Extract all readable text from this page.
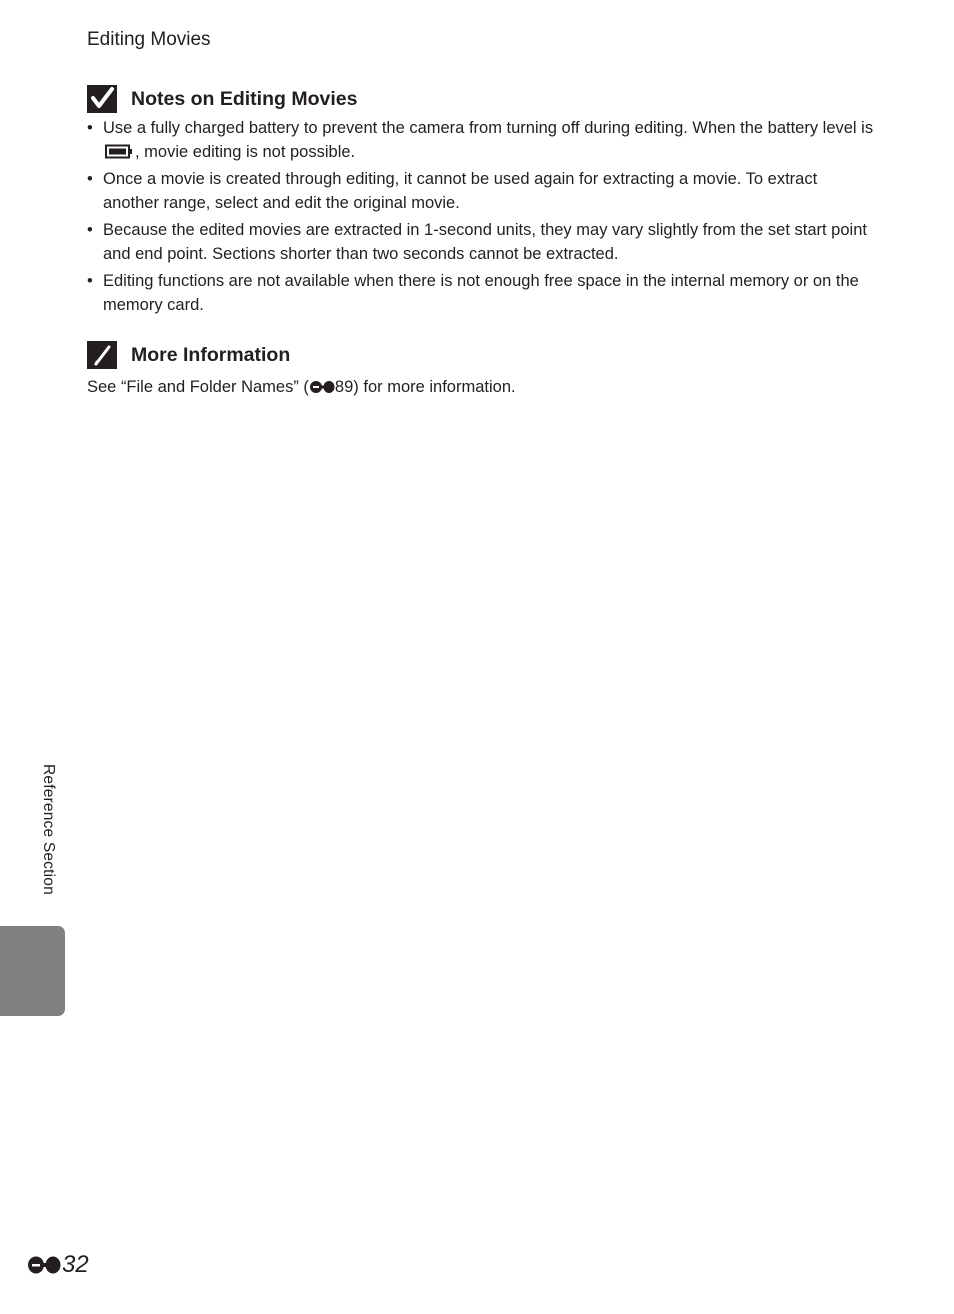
Editing Movies
Notes on Editing Movies
• Use a fully charged battery to prevent the camera from turning off during editing. When the battery level is , movie editing is not possible.
• Once a movie is created through editing, it cannot be used again for extracting a movie. To extract another range, select and edit the original movie.
• Because the edited movies are extracted in 1-second units, they may vary slightly from the set start point and end point. Sections shorter than two seconds cannot be extracted.
• Editing functions are not available when there is not enough free space in the internal memory or on the memory card.
More Information

See “File and Folder Names” ( 89) for more information.

Reference Section
32
